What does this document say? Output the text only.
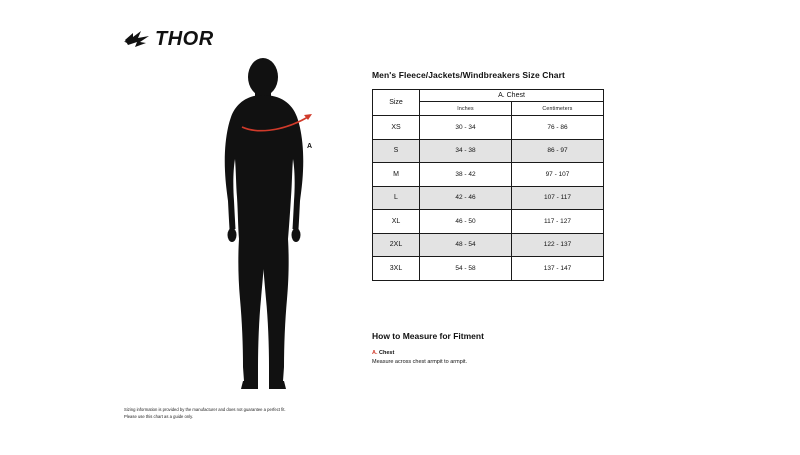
THOR
A
Men's Fleece/Jackets/Windbreakers Size Chart
Size	A. Chest	
	Inches	Centimeters
XS	30 - 34	76 - 86
S	34 - 38	86 - 97
M	38 - 42	97 - 107
L	42 - 46	107 - 117
XL	46 - 50	117 - 127
2XL	48 - 54	122 - 137
3XL	54 - 58	137 - 147
How to Measure for Fitment
A. Chest
Measure across chest armpit to armpit.
Sizing information is provided by the manufacturer and does not guarantee a perfect fit.
Please use this chart as a guide only.
